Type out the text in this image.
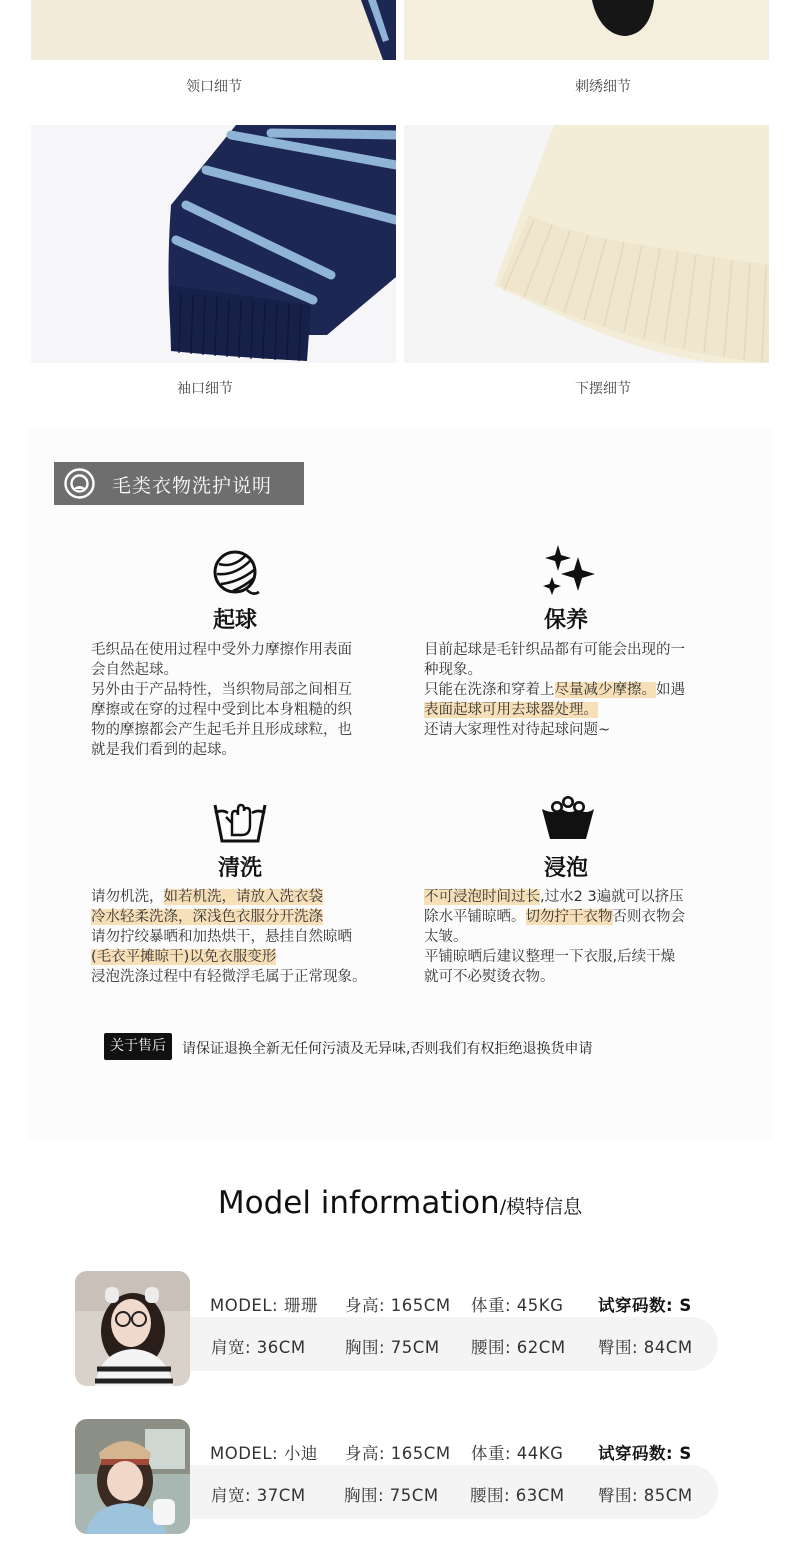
领口细节	刺绣细节
袖口细节	下摆细节
毛类衣物洗护说明
起球
毛织品在使用过程中受外力摩擦作用表面
会自然起球。
另外由于产品特性，当织物局部之间相互
摩擦或在穿的过程中受到比本身粗糙的织
物的摩擦都会产生起毛并且形成球粒，也
就是我们看到的起球。
保养
目前起球是毛针织品都有可能会出现的一
种现象。
只能在洗涤和穿着上尽量减少摩擦。如遇
表面起球可用去球器处理。
还请大家理性对待起球问题~
清洗
请勿机洗，如若机洗，请放入洗衣袋
冷水轻柔洗涤，深浅色衣服分开洗涤
请勿拧绞暴晒和加热烘干，悬挂自然晾晒
(毛衣平摊晾干)以免衣服变形
浸泡洗涤过程中有轻微浮毛属于正常现象。
浸泡
不可浸泡时间过长,过水2 3遍就可以挤压
除水平铺晾晒。切勿拧干衣物否则衣物会
太皱。
平铺晾晒后建议整理一下衣服,后续干燥
就可不必熨烫衣物。
关于售后	请保证退换全新无任何污渍及无异味,否则我们有权拒绝退换货申请
Model information/模特信息
MODEL: 珊珊 身高: 165CM 体重: 45KG 试穿码数: S
肩宽: 36CM 胸围: 75CM 腰围: 62CM 臀围: 84CM
MODEL: 小迪 身高: 165CM 体重: 44KG 试穿码数: S
肩宽: 37CM 胸围: 75CM 腰围: 63CM 臀围: 85CM
